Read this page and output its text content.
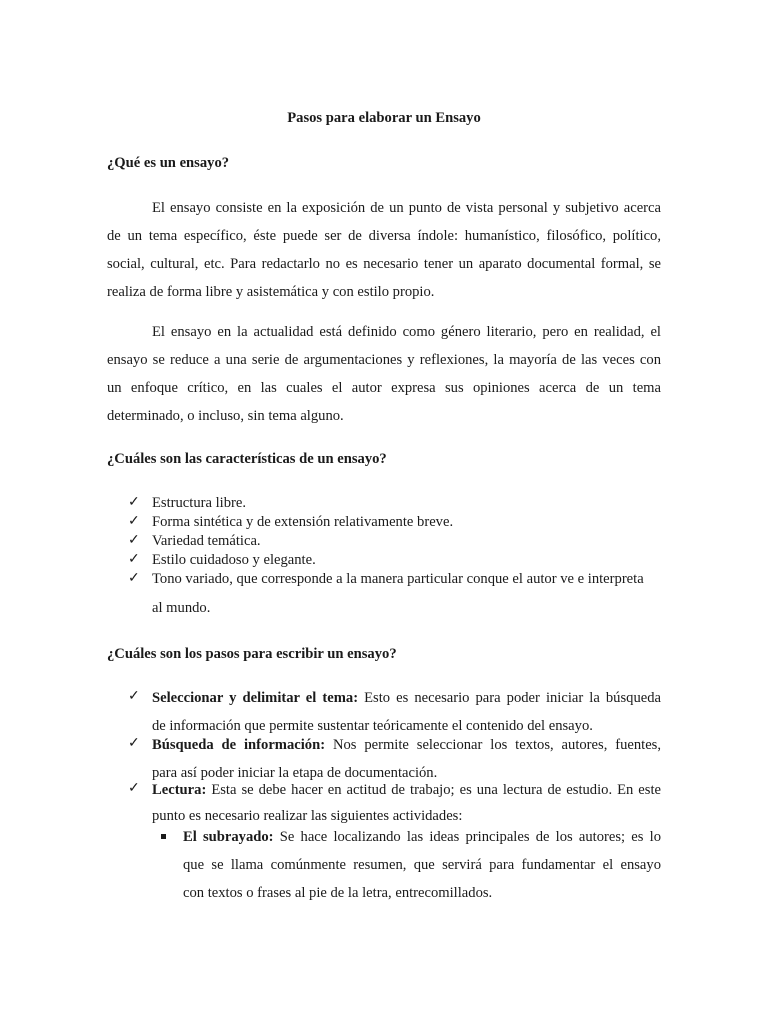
Pasos para elaborar un Ensayo
¿Qué es un ensayo?
El ensayo consiste en la exposición de un punto de vista personal y subjetivo acerca
de un tema específico, éste puede ser de diversa índole: humanístico, filosófico, político,
social, cultural, etc. Para redactarlo no es necesario tener un aparato documental formal, se
realiza de forma libre y asistemática y con estilo propio.
El ensayo en la actualidad está definido como género literario, pero en realidad, el
ensayo se reduce a una serie de argumentaciones y reflexiones, la mayoría de las veces con
un enfoque crítico, en las cuales el autor expresa sus opiniones acerca de un tema
determinado, o incluso, sin tema alguno.
¿Cuáles son las características de un ensayo?
✓ Estructura libre.
✓ Forma sintética y de extensión relativamente breve.
✓ Variedad temática.
✓ Estilo cuidadoso y elegante.
✓ Tono variado, que corresponde a la manera particular conque el autor ve e interpreta
al mundo.
¿Cuáles son los pasos para escribir un ensayo?
✓ Seleccionar y delimitar el tema: Esto es necesario para poder iniciar la búsqueda
de información que permite sustentar teóricamente el contenido del ensayo.
✓ Búsqueda de información: Nos permite seleccionar los textos, autores, fuentes,
para así poder iniciar la etapa de documentación.
✓ Lectura: Esta se debe hacer en actitud de trabajo; es una lectura de estudio. En este
punto es necesario realizar las siguientes actividades:
El subrayado: Se hace localizando las ideas principales de los autores; es lo
que se llama comúnmente resumen, que servirá para fundamentar el ensayo
con textos o frases al pie de la letra, entrecomillados.
